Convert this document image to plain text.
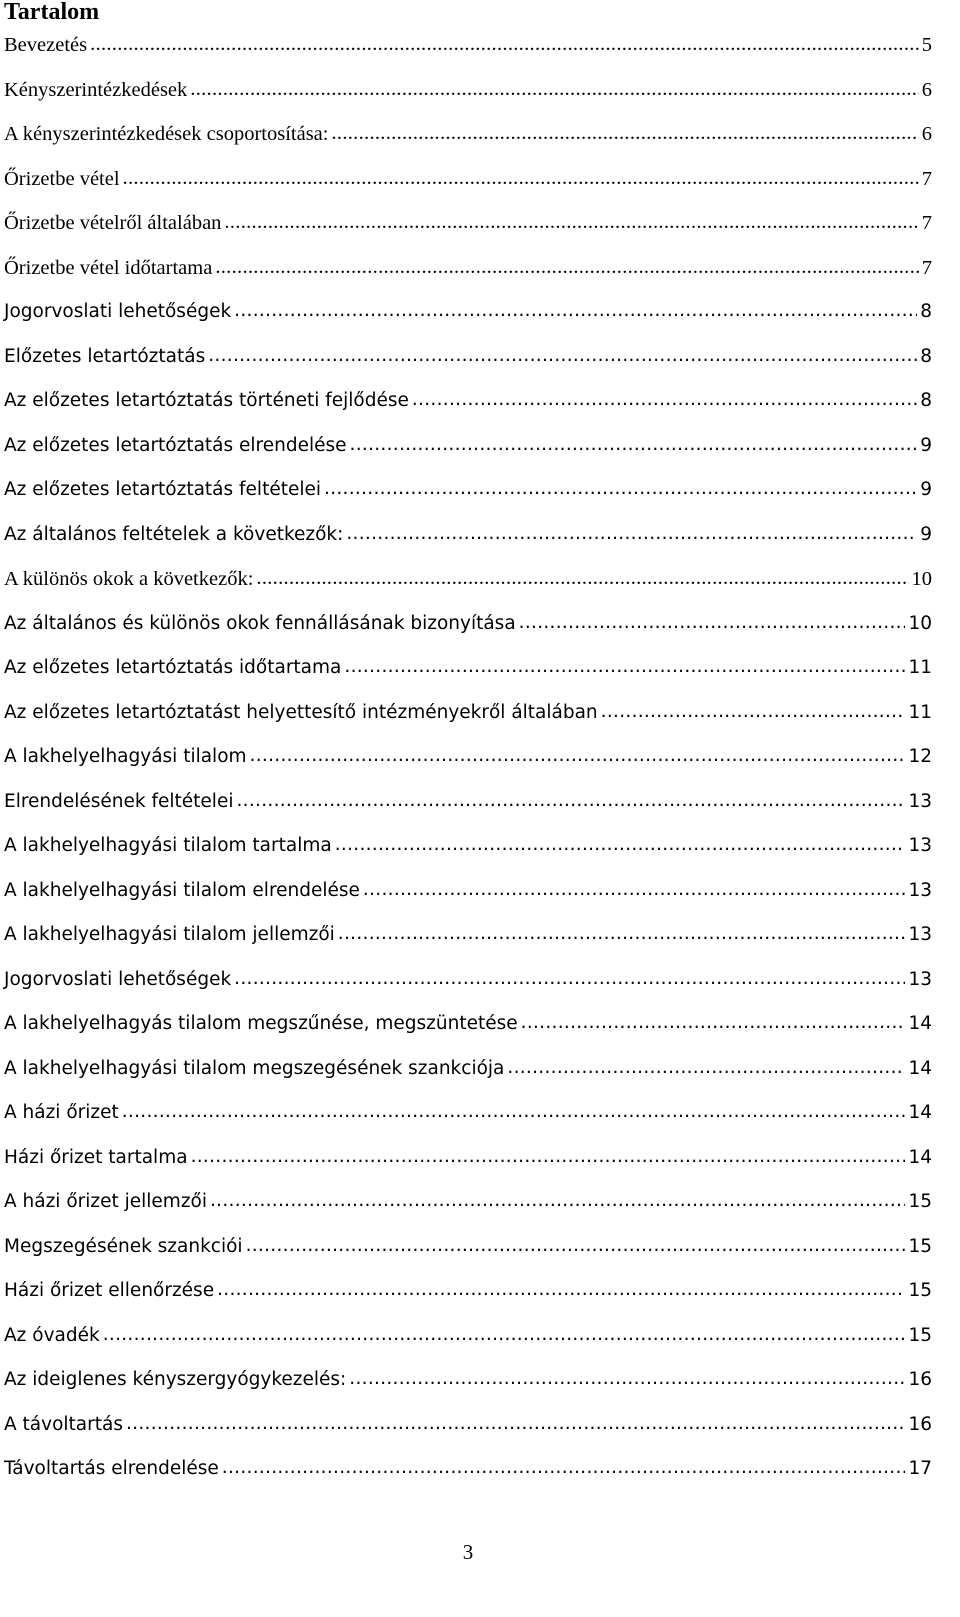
Tartalom
Bevezetés .....	5
Kényszerintézkedések .....	6
A kényszerintézkedések csoportosítása: .....	6
Őrizetbe vétel .....	7
Őrizetbe vételről általában .....	7
Őrizetbe vétel időtartama .....	7
Jogorvoslati lehetőségek .....	8
Előzetes letartóztatás .....	8
Az előzetes letartóztatás történeti fejlődése .....	8
Az előzetes letartóztatás elrendelése .....	9
Az előzetes letartóztatás feltételei .....	9
Az általános feltételek a következők: .....	9
A különös okok a következők: .....	10
Az általános és különös okok fennállásának bizonyítása .....	10
Az előzetes letartóztatás időtartama .....	11
Az előzetes letartóztatást helyettesítő intézményekről általában .....	11
A lakhelyelhagyási tilalom .....	12
Elrendelésének feltételei .....	13
A lakhelyelhagyási tilalom tartalma .....	13
A lakhelyelhagyási tilalom elrendelése .....	13
A lakhelyelhagyási tilalom jellemzői .....	13
Jogorvoslati lehetőségek .....	13
A lakhelyelhagyás tilalom megszűnése, megszüntetése .....	14
A lakhelyelhagyási tilalom megszegésének szankciója .....	14
A házi őrizet .....	14
Házi őrizet tartalma .....	14
A házi őrizet jellemzői .....	15
Megszegésének szankciói .....	15
Házi őrizet ellenőrzése .....	15
Az óvadék .....	15
Az ideiglenes kényszergyógykezelés: .....	16
A távoltartás .....	16
Távoltartás elrendelése .....	17
3
